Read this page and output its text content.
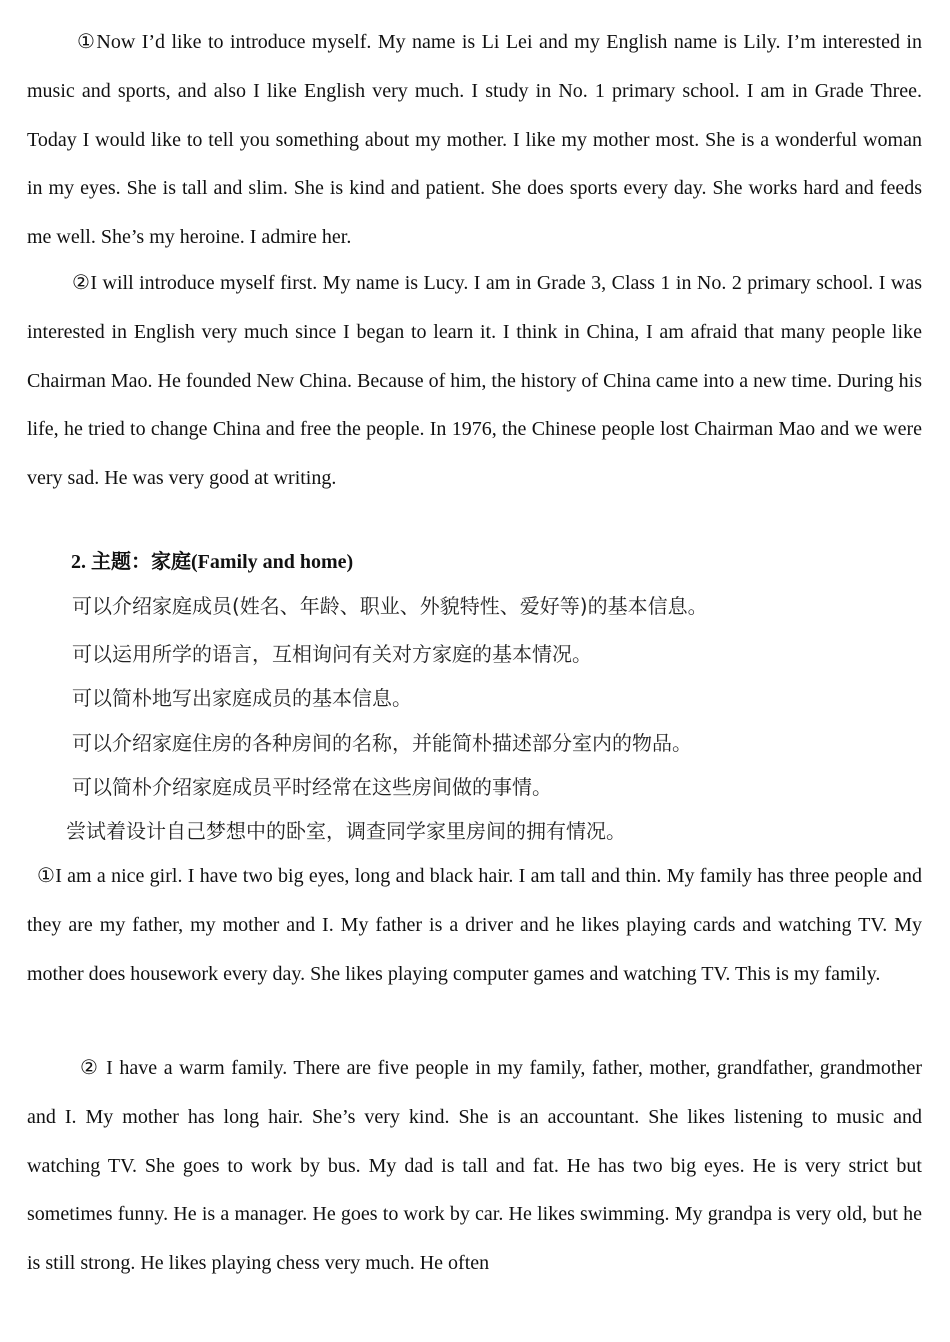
①Now I’d like to introduce myself. My name is Li Lei and my English name is Lily. I’m interested in music and sports, and also I like English very much. I study in No. 1 primary school. I am in Grade Three. Today I would like to tell you something about my mother. I like my mother most. She is a wonderful woman in my eyes. She is tall and slim. She is kind and patient. She does sports every day. She works hard and feeds me well. She’s my heroine. I admire her.

②I will introduce myself first. My name is Lucy. I am in Grade 3, Class 1 in No. 2 primary school. I was interested in English very much since I began to learn it. I think in China, I am afraid that many people like Chairman Mao. He founded New China. Because of him, the history of China came into a new time. During his life, he tried to change China and free the people. In 1976, the Chinese people lost Chairman Mao and we were very sad. He was very good at writing.

2. 主题：家庭(Family and home)
可以介绍家庭成员(姓名、年龄、职业、外貌特性、爱好等)的基本信息。
可以运用所学的语言，互相询问有关对方家庭的基本情况。
可以简朴地写出家庭成员的基本信息。
可以介绍家庭住房的各种房间的名称，并能简朴描述部分室内的物品。
可以简朴介绍家庭成员平时经常在这些房间做的事情。
尝试着设计自己梦想中的卧室，调查同学家里房间的拥有情况。

①I am a nice girl. I have two big eyes, long and black hair. I am tall and thin. My family has three people and they are my father, my mother and I. My father is a driver and he likes playing cards and watching TV. My mother does housework every day. She likes playing computer games and watching TV. This is my family.

② I have a warm family. There are five people in my family, father, mother, grandfather, grandmother and I. My mother has long hair. She’s very kind. She is an accountant. She likes listening to music and watching TV. She goes to work by bus. My dad is tall and fat. He has two big eyes. He is very strict but sometimes funny. He is a manager. He goes to work by car. He likes swimming. My grandpa is very old, but he is still strong. He likes playing chess very much. He often
